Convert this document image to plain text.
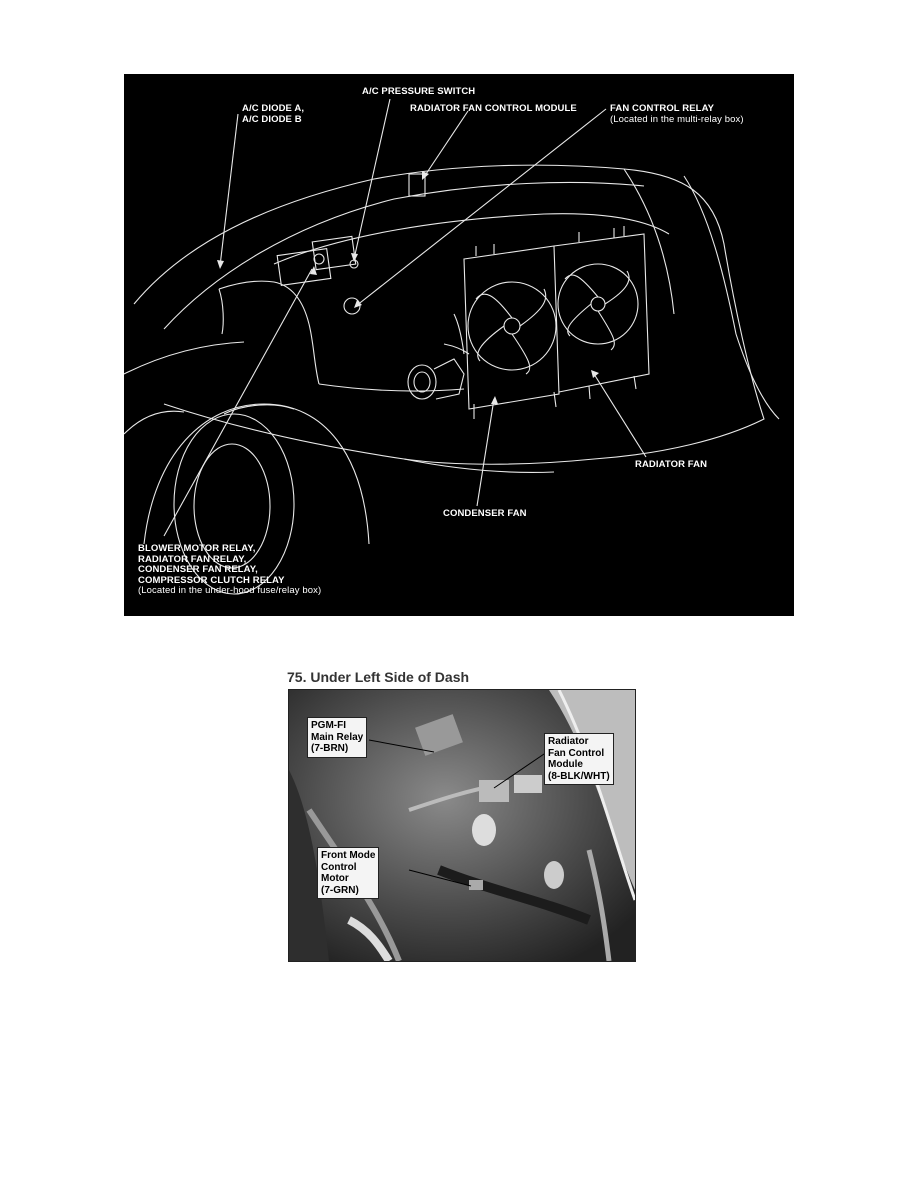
A/C PRESSURE SWITCH
A/C DIODE A,
A/C DIODE B
RADIATOR FAN CONTROL MODULE	FAN CONTROL RELAY
(Located in the multi-relay box)
RADIATOR FAN
CONDENSER FAN
BLOWER MOTOR RELAY,
RADIATOR FAN RELAY,
CONDENSER FAN RELAY,
COMPRESSOR CLUTCH RELAY
(Located in the under-hood fuse/relay box)
75. Under Left Side of Dash
PGM-FI
Main Relay
(7-BRN)
Radiator
Fan Control
Module
(8-BLK/WHT)
Front Mode
Control
Motor
(7-GRN)
